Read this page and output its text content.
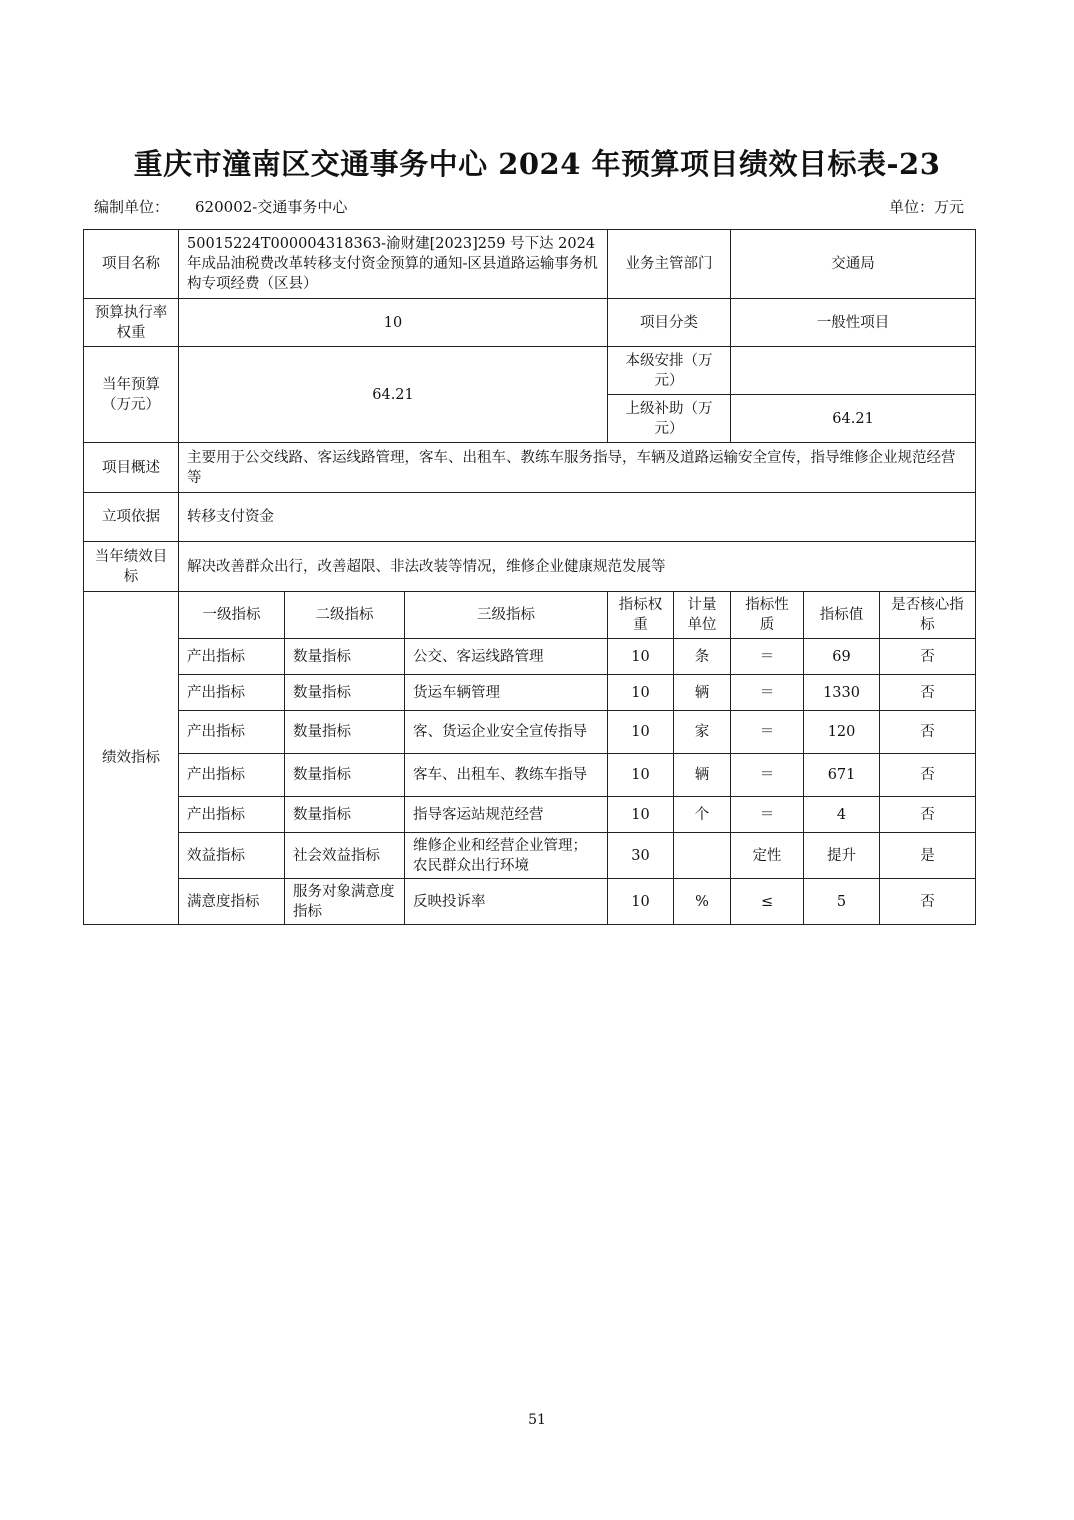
重庆市潼南区交通事务中心 2024 年预算项目绩效目标表-23
编制单位： 620002-交通事务中心	单位：万元
项目名称	50015224T000004318363-渝财建[2023]259 号下达 2024 年成品油税费改革转移支付资金预算的通知-区县道路运输事务机构专项经费（区县）			业务主管部门		交通局		
预算执行率权重	10			项目分类		一般性项目		
当年预算（万元）	64.21			本级安排（万元）				
				上级补助（万元）		64.21		
项目概述	主要用于公交线路、客运线路管理，客车、出租车、教练车服务指导，车辆及道路运输安全宣传，指导维修企业规范经营等							
立项依据	转移支付资金							
当年绩效目标	解决改善群众出行，改善超限、非法改装等情况，维修企业健康规范发展等							
绩效指标	一级指标	二级指标	三级指标	指标权重	计量单位	指标性质	指标值	是否核心指标
	产出指标	数量指标	公交、客运线路管理	10	条	＝	69	否
	产出指标	数量指标	货运车辆管理	10	辆	＝	1330	否
	产出指标	数量指标	客、货运企业安全宣传指导	10	家	＝	120	否
	产出指标	数量指标	客车、出租车、教练车指导	10	辆	＝	671	否
	产出指标	数量指标	指导客运站规范经营	10	个	＝	4	否
	效益指标	社会效益指标	维修企业和经营企业管理；农民群众出行环境	30		定性	提升	是
	满意度指标	服务对象满意度指标	反映投诉率	10	%	≤	5	否
51
